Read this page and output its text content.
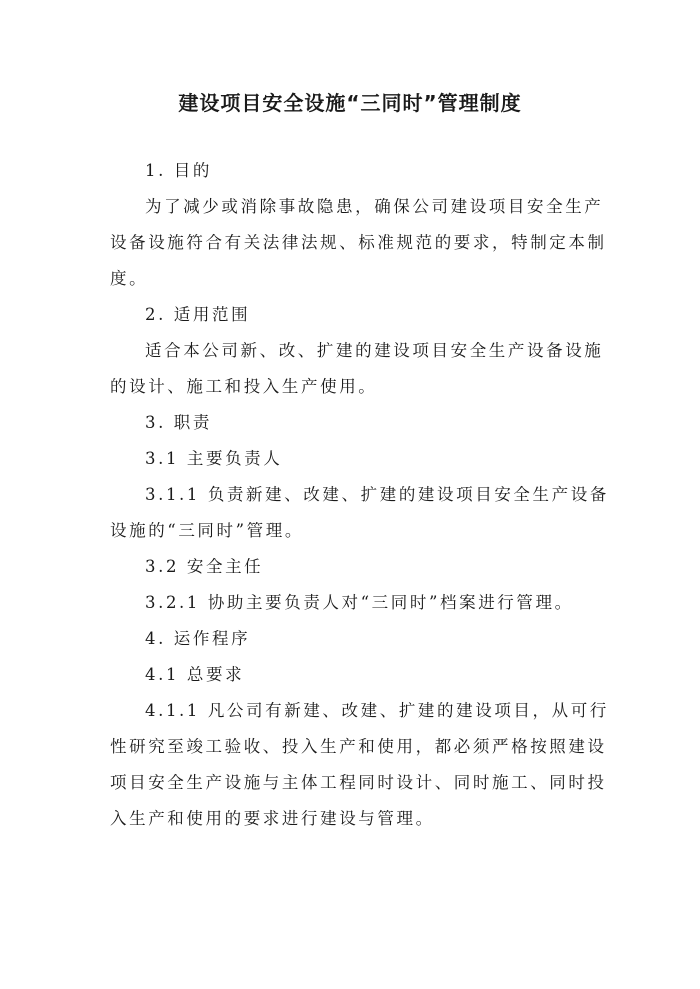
建设项目安全设施“三同时”管理制度
1. 目的
为了减少或消除事故隐患，确保公司建设项目安全生产
设备设施符合有关法律法规、标准规范的要求，特制定本制
度。
2. 适用范围
适合本公司新、改、扩建的建设项目安全生产设备设施
的设计、施工和投入生产使用。
3. 职责
3.1 主要负责人
3.1.1 负责新建、改建、扩建的建设项目安全生产设备
设施的“三同时”管理。
3.2 安全主任
3.2.1 协助主要负责人对“三同时”档案进行管理。
4. 运作程序
4.1 总要求
4.1.1 凡公司有新建、改建、扩建的建设项目，从可行
性研究至竣工验收、投入生产和使用，都必须严格按照建设
项目安全生产设施与主体工程同时设计、同时施工、同时投
入生产和使用的要求进行建设与管理。
